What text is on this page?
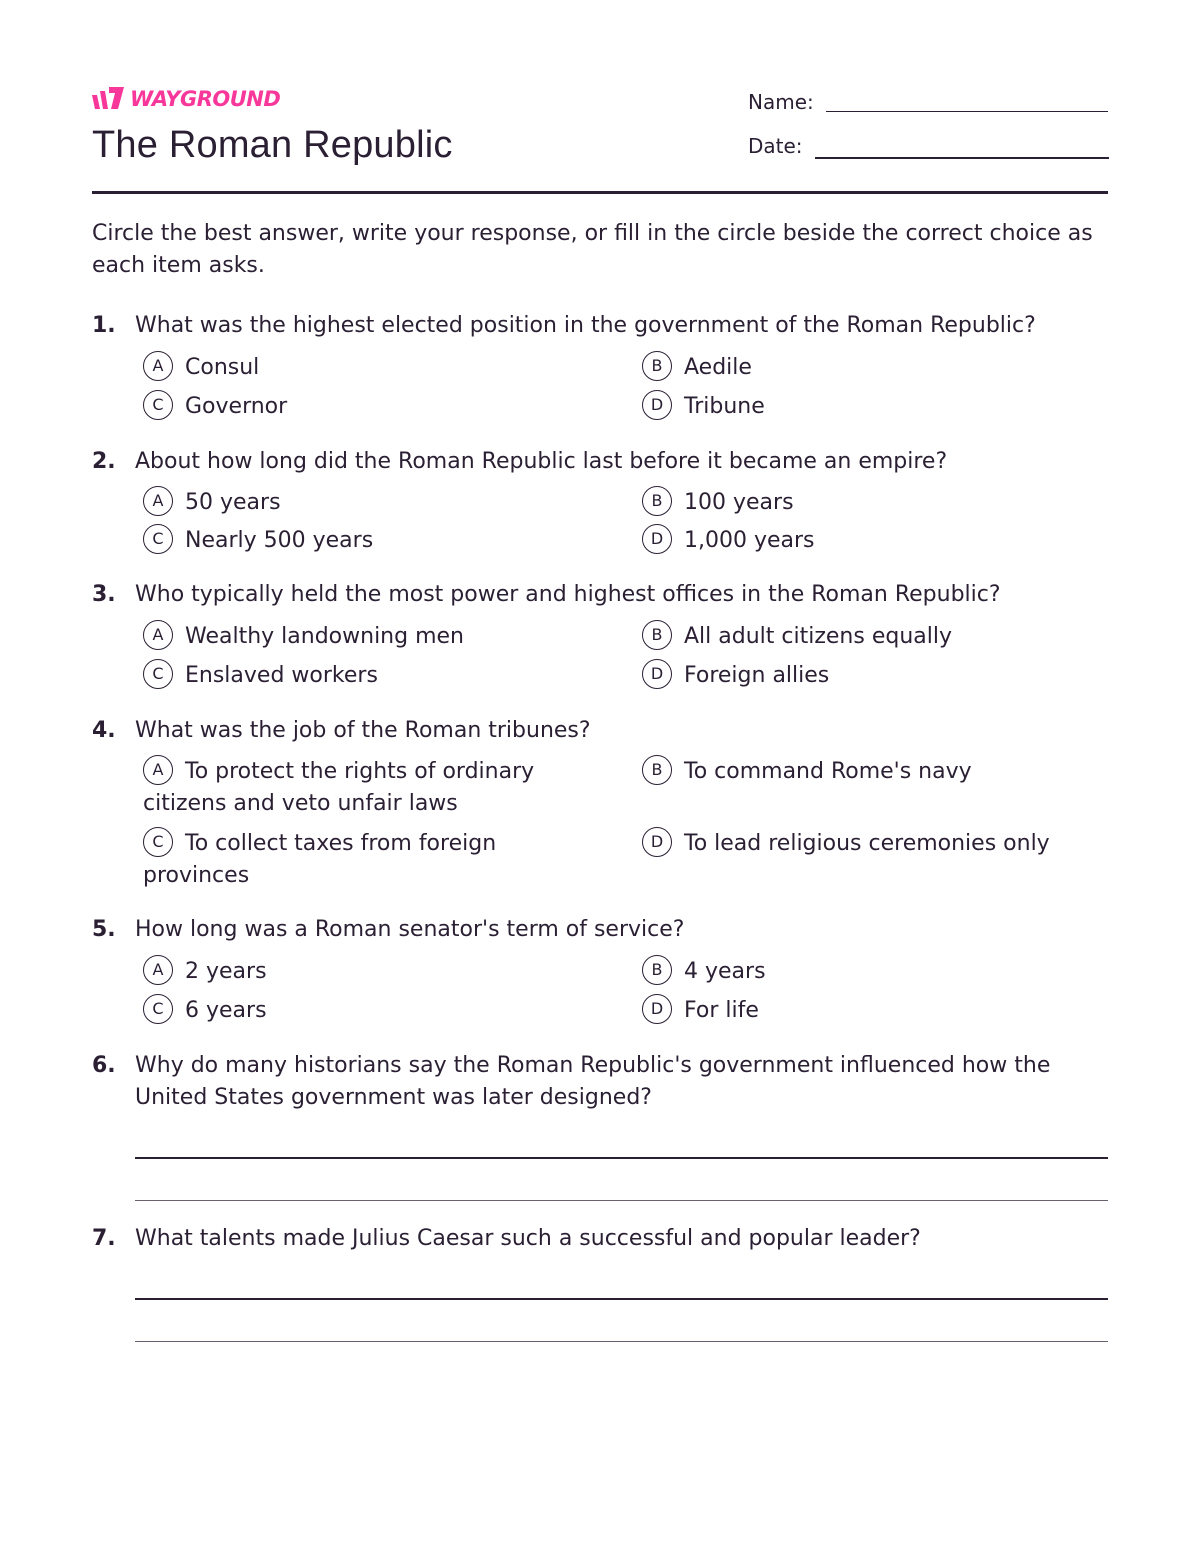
WAYGROUND
The Roman Republic
Name:
Date:

Circle the best answer, write your response, or fill in the circle beside the correct choice as each item asks.

1. What was the highest elected position in the government of the Roman Republic?
A Consul	B Aedile
C Governor	D Tribune
2. About how long did the Roman Republic last before it became an empire?
A 50 years	B 100 years
C Nearly 500 years	D 1,000 years
3. Who typically held the most power and highest offices in the Roman Republic?
A Wealthy landowning men	B All adult citizens equally
C Enslaved workers	D Foreign allies
4. What was the job of the Roman tribunes?
A To protect the rights of ordinary citizens and veto unfair laws
B To command Rome's navy
C To collect taxes from foreign provinces
D To lead religious ceremonies only
5. How long was a Roman senator's term of service?
A 2 years	B 4 years
C 6 years	D For life
6. Why do many historians say the Roman Republic's government influenced how the United States government was later designed?
7. What talents made Julius Caesar such a successful and popular leader?
